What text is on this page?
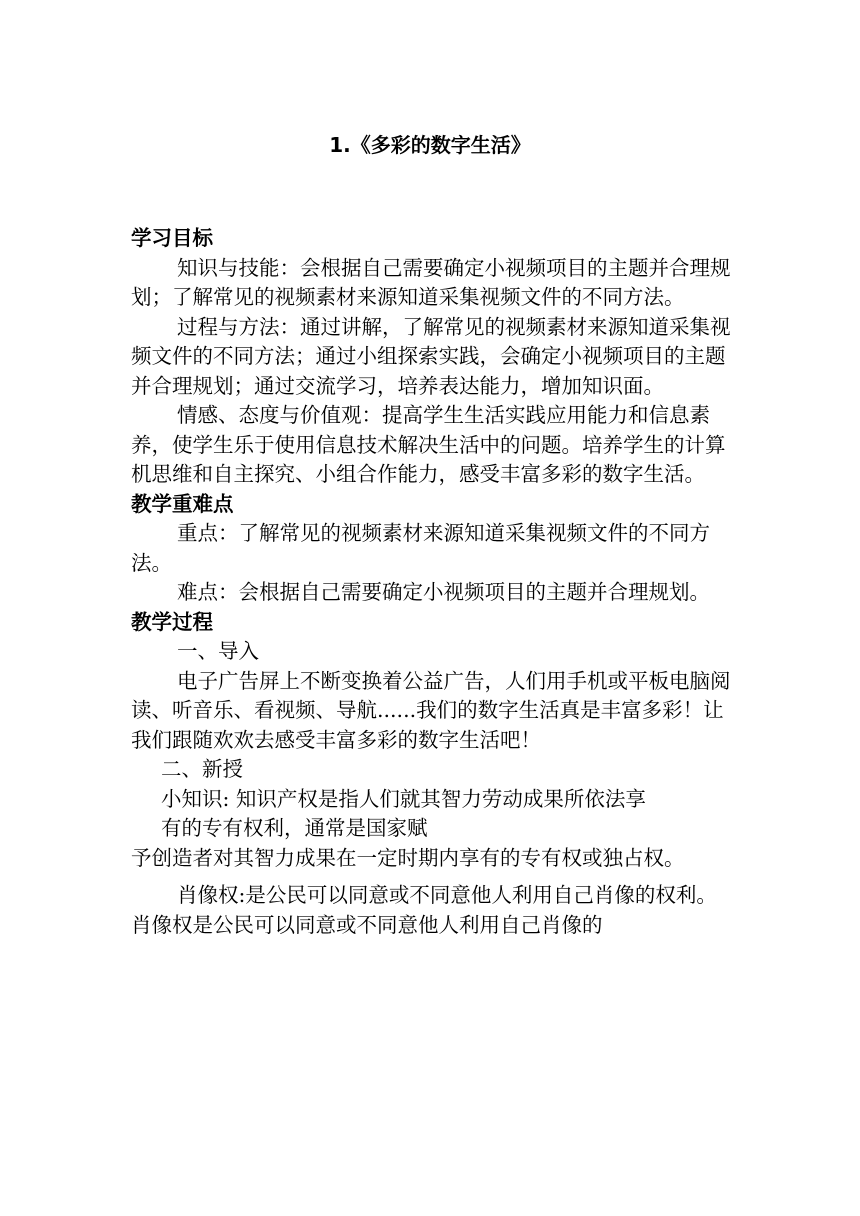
1.《多彩的数字生活》

学习目标

知识与技能：会根据自己需要确定小视频项目的主题并合理规划；了解常见的视频素材来源知道采集视频文件的不同方法。

过程与方法：通过讲解，了解常见的视频素材来源知道采集视频文件的不同方法；通过小组探索实践，会确定小视频项目的主题并合理规划；通过交流学习，培养表达能力，增加知识面。

情感、态度与价值观：提高学生生活实践应用能力和信息素养，使学生乐于使用信息技术解决生活中的问题。培养学生的计算机思维和自主探究、小组合作能力，感受丰富多彩的数字生活。

教学重难点

重点：了解常见的视频素材来源知道采集视频文件的不同方法。

难点：会根据自己需要确定小视频项目的主题并合理规划。

教学过程

一、导入

电子广告屏上不断变换着公益广告，人们用手机或平板电脑阅读、听音乐、看视频、导航......我们的数字生活真是丰富多彩！让我们跟随欢欢去感受丰富多彩的数字生活吧！

二、新授

小知识: 知识产权是指人们就其智力劳动成果所依法享

有的专有权利，通常是国家赋

予创造者对其智力成果在一定时期内享有的专有权或独占权。

肖像权:是公民可以同意或不同意他人利用自己肖像的权利。肖像权是公民可以同意或不同意他人利用自己肖像的
